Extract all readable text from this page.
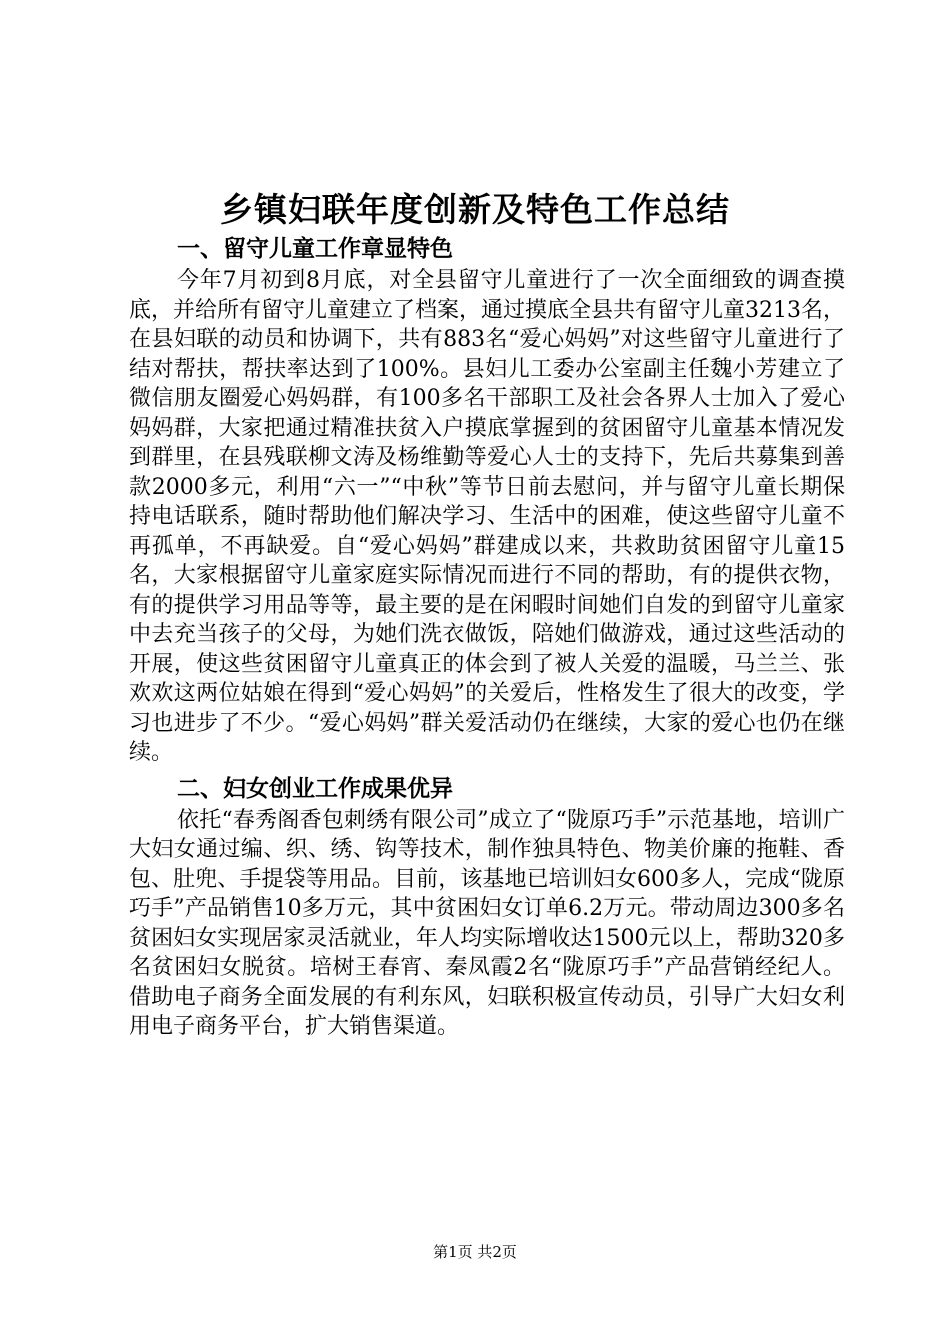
乡镇妇联年度创新及特色工作总结
一、留守儿童工作章显特色

今年7月初到8月底，对全县留守儿童进行了一次全面细致的调查摸底，并给所有留守儿童建立了档案，通过摸底全县共有留守儿童3213名，在县妇联的动员和协调下，共有883名“爱心妈妈”对这些留守儿童进行了结对帮扶，帮扶率达到了100%。县妇儿工委办公室副主任魏小芳建立了微信朋友圈爱心妈妈群，有100多名干部职工及社会各界人士加入了爱心妈妈群，大家把通过精准扶贫入户摸底掌握到的贫困留守儿童基本情况发到群里，在县残联柳文涛及杨维勤等爱心人士的支持下，先后共募集到善款2000多元，利用“六一”“中秋”等节日前去慰问，并与留守儿童长期保持电话联系，随时帮助他们解决学习、生活中的困难，使这些留守儿童不再孤单，不再缺爱。自“爱心妈妈”群建成以来，共救助贫困留守儿童15名，大家根据留守儿童家庭实际情况而进行不同的帮助，有的提供衣物，有的提供学习用品等等，最主要的是在闲暇时间她们自发的到留守儿童家中去充当孩子的父母，为她们洗衣做饭，陪她们做游戏，通过这些活动的开展，使这些贫困留守儿童真正的体会到了被人关爱的温暖，马兰兰、张欢欢这两位姑娘在得到“爱心妈妈”的关爱后，性格发生了很大的改变，学习也进步了不少。“爱心妈妈”群关爱活动仍在继续，大家的爱心也仍在继续。

二、妇女创业工作成果优异

依托“春秀阁香包刺绣有限公司”成立了“陇原巧手”示范基地，培训广大妇女通过编、织、绣、钩等技术，制作独具特色、物美价廉的拖鞋、香包、肚兜、手提袋等用品。目前，该基地已培训妇女600多人，完成“陇原巧手”产品销售10多万元，其中贫困妇女订单6.2万元。带动周边300多名贫困妇女实现居家灵活就业，年人均实际增收达1500元以上，帮助320多名贫困妇女脱贫。培树王春宵、秦凤霞2名“陇原巧手”产品营销经纪人。借助电子商务全面发展的有利东风，妇联积极宣传动员，引导广大妇女利用电子商务平台，扩大销售渠道。

第1页 共2页
